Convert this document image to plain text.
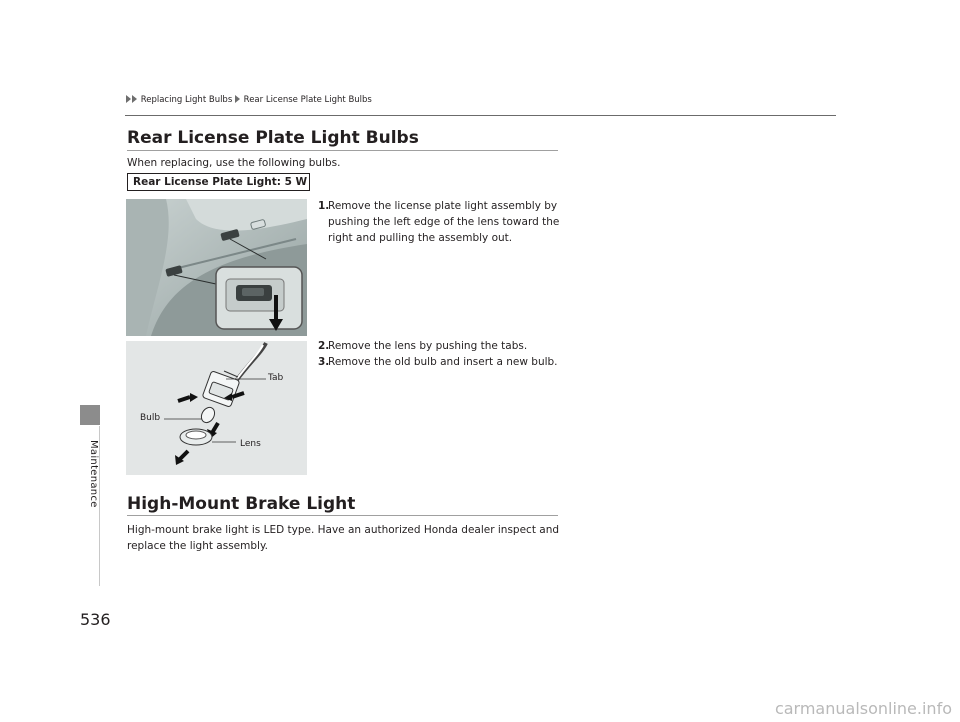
Replacing Light Bulbs Rear License Plate Light Bulbs
Maintenance
Rear License Plate Light Bulbs
When replacing, use the following bulbs.
Rear License Plate Light: 5 W
1.
Remove the license plate light assembly by pushing the left edge of the lens toward the right and pulling the assembly out.
Tab
Bulb
Lens
2.
Remove the lens by pushing the tabs.
3.
Remove the old bulb and insert a new bulb.
High-Mount Brake Light
High-mount brake light is LED type. Have an authorized Honda dealer inspect and replace the light assembly.
536
carmanualsonline.info
